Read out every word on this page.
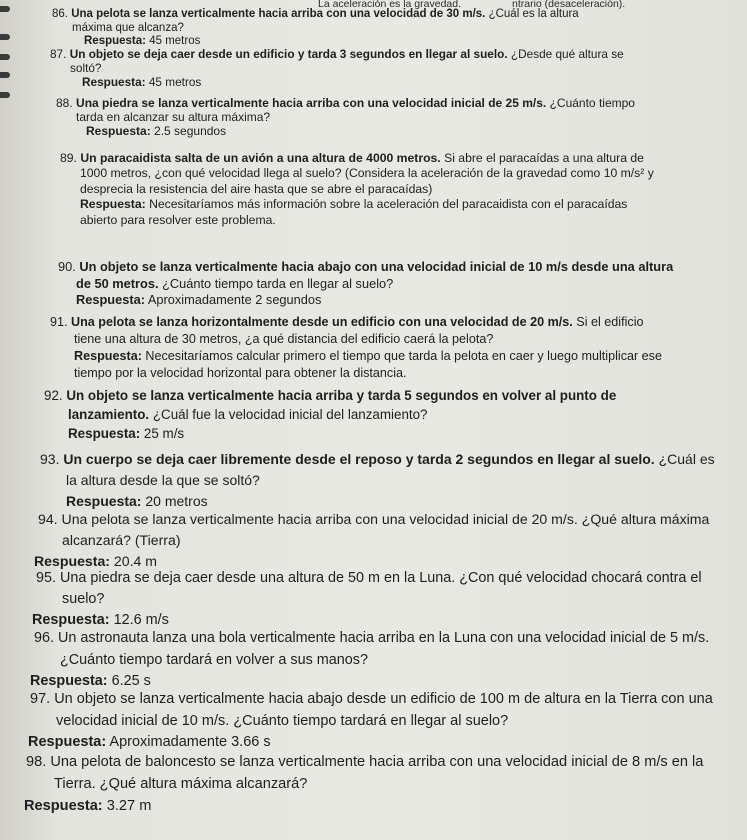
La aceleración es la gravedad.	ntrario (desaceleración).
86. Una pelota se lanza verticalmente hacia arriba con una velocidad de 30 m/s. ¿Cuál es la altura
máxima que alcanza?
Respuesta: 45 metros
87. Un objeto se deja caer desde un edificio y tarda 3 segundos en llegar al suelo. ¿Desde qué altura se
soltó?
Respuesta: 45 metros
88. Una piedra se lanza verticalmente hacia arriba con una velocidad inicial de 25 m/s. ¿Cuánto tiempo
tarda en alcanzar su altura máxima?
Respuesta: 2.5 segundos
89. Un paracaidista salta de un avión a una altura de 4000 metros. Si abre el paracaídas a una altura de
1000 metros, ¿con qué velocidad llega al suelo? (Considera la aceleración de la gravedad como 10 m/s² y
desprecia la resistencia del aire hasta que se abre el paracaídas)
Respuesta: Necesitaríamos más información sobre la aceleración del paracaidista con el paracaídas
abierto para resolver este problema.
90. Un objeto se lanza verticalmente hacia abajo con una velocidad inicial de 10 m/s desde una altura
de 50 metros. ¿Cuánto tiempo tarda en llegar al suelo?
Respuesta: Aproximadamente 2 segundos
91. Una pelota se lanza horizontalmente desde un edificio con una velocidad de 20 m/s. Si el edificio
tiene una altura de 30 metros, ¿a qué distancia del edificio caerá la pelota?
Respuesta: Necesitaríamos calcular primero el tiempo que tarda la pelota en caer y luego multiplicar ese
tiempo por la velocidad horizontal para obtener la distancia.
92. Un objeto se lanza verticalmente hacia arriba y tarda 5 segundos en volver al punto de
lanzamiento. ¿Cuál fue la velocidad inicial del lanzamiento?
Respuesta: 25 m/s
93. Un cuerpo se deja caer libremente desde el reposo y tarda 2 segundos en llegar al suelo. ¿Cuál es
la altura desde la que se soltó?
Respuesta: 20 metros
94. Una pelota se lanza verticalmente hacia arriba con una velocidad inicial de 20 m/s. ¿Qué altura máxima
alcanzará? (Tierra)
Respuesta: 20.4 m
95. Una piedra se deja caer desde una altura de 50 m en la Luna. ¿Con qué velocidad chocará contra el
suelo?
Respuesta: 12.6 m/s
96. Un astronauta lanza una bola verticalmente hacia arriba en la Luna con una velocidad inicial de 5 m/s.
¿Cuánto tiempo tardará en volver a sus manos?
Respuesta: 6.25 s
97. Un objeto se lanza verticalmente hacia abajo desde un edificio de 100 m de altura en la Tierra con una
velocidad inicial de 10 m/s. ¿Cuánto tiempo tardará en llegar al suelo?
Respuesta: Aproximadamente 3.66 s
98. Una pelota de baloncesto se lanza verticalmente hacia arriba con una velocidad inicial de 8 m/s en la
Tierra. ¿Qué altura máxima alcanzará?
Respuesta: 3.27 m
